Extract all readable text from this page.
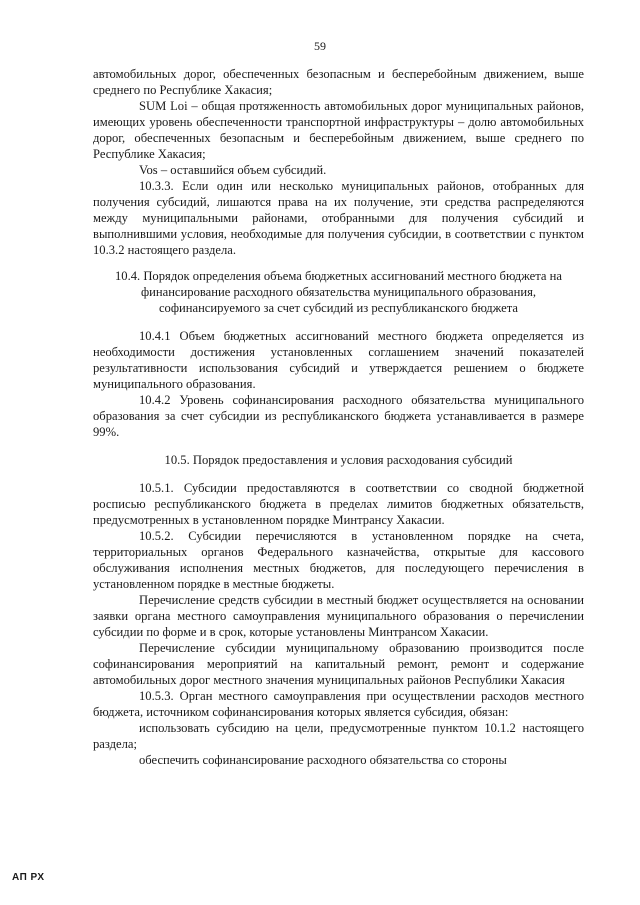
59

автомобильных дорог, обеспеченных безопасным и бесперебойным движением, выше среднего по Республике Хакасия;

SUM Loi – общая протяженность автомобильных дорог муниципальных районов, имеющих уровень обеспеченности транспортной инфраструктуры – долю автомобильных дорог, обеспеченных безопасным и бесперебойным движением, выше среднего по Республике Хакасия;

Vos – оставшийся объем субсидий.

10.3.3. Если один или несколько муниципальных районов, отобранных для получения субсидий, лишаются права на их получение, эти средства распределяются между муниципальными районами, отобранными для получения субсидий и выполнившими условия, необходимые для получения субсидии, в соответствии с пунктом 10.3.2 настоящего раздела.

10.4. Порядок определения объема бюджетных ассигнований местного бюджета на финансирование расходного обязательства муниципального образования, софинансируемого за счет субсидий из республиканского бюджета

10.4.1 Объем бюджетных ассигнований местного бюджета определяется из необходимости достижения установленных соглашением значений показателей результативности использования субсидий и утверждается решением о бюджете муниципального образования.

10.4.2 Уровень софинансирования расходного обязательства муниципального образования за счет субсидии из республиканского бюджета устанавливается в размере 99%.

10.5. Порядок предоставления и условия расходования субсидий

10.5.1. Субсидии предоставляются в соответствии со сводной бюджетной росписью республиканского бюджета в пределах лимитов бюджетных обязательств, предусмотренных в установленном порядке Минтрансу Хакасии.

10.5.2. Субсидии перечисляются в установленном порядке на счета, территориальных органов Федерального казначейства, открытые для кассового обслуживания исполнения местных бюджетов, для последующего перечисления в установленном порядке в местные бюджеты.

Перечисление средств субсидии в местный бюджет осуществляется на основании заявки органа местного самоуправления муниципального образования о перечислении субсидии по форме и в срок, которые установлены Минтрансом Хакасии.

Перечисление субсидии муниципальному образованию производится после софинансирования мероприятий на капитальный ремонт, ремонт и содержание автомобильных дорог местного значения муниципальных районов Республики Хакасия

10.5.3. Орган местного самоуправления при осуществлении расходов местного бюджета, источником софинансирования которых является субсидия, обязан:

использовать субсидию на цели, предусмотренные пунктом 10.1.2 настоящего раздела;

обеспечить софинансирование расходного обязательства со стороны

АП РХ
